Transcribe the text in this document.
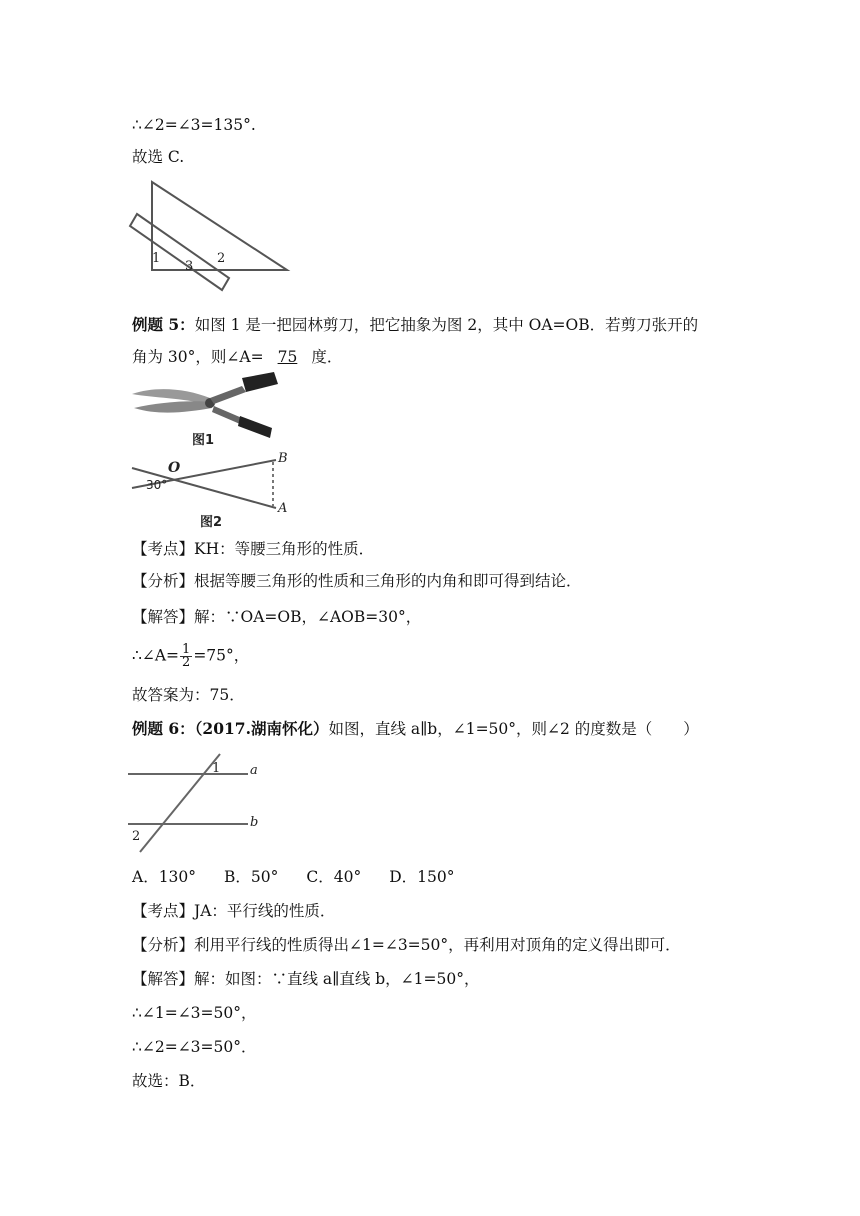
∴∠2=∠3=135°.
故选 C.
1
3
2
例题 5：如图 1 是一把园林剪刀，把它抽象为图 2，其中 OA=OB．若剪刀张开的
角为 30°，则∠A= 75 度．
图1
O
B
A
30°
图2
【考点】KH：等腰三角形的性质．
【分析】根据等腰三角形的性质和三角形的内角和即可得到结论．
【解答】解：∵OA=OB，∠AOB=30°，
∴∠A= $\frac{1}{2} =75^\circ$，
故答案为：75．
例题 6：（2017.湖南怀化）如图，直线 a∥b，∠1=50°，则∠2 的度数是（　　）
1
2
a
b
A．130° B．50° C．40° D．150°
【考点】JA：平行线的性质．
【分析】利用平行线的性质得出∠1=∠3=50°，再利用对顶角的定义得出即可．
【解答】解：如图：∵直线 a∥直线 b，∠1=50°，
∴∠1=∠3=50°，
∴∠2=∠3=50°．
故选：B．
